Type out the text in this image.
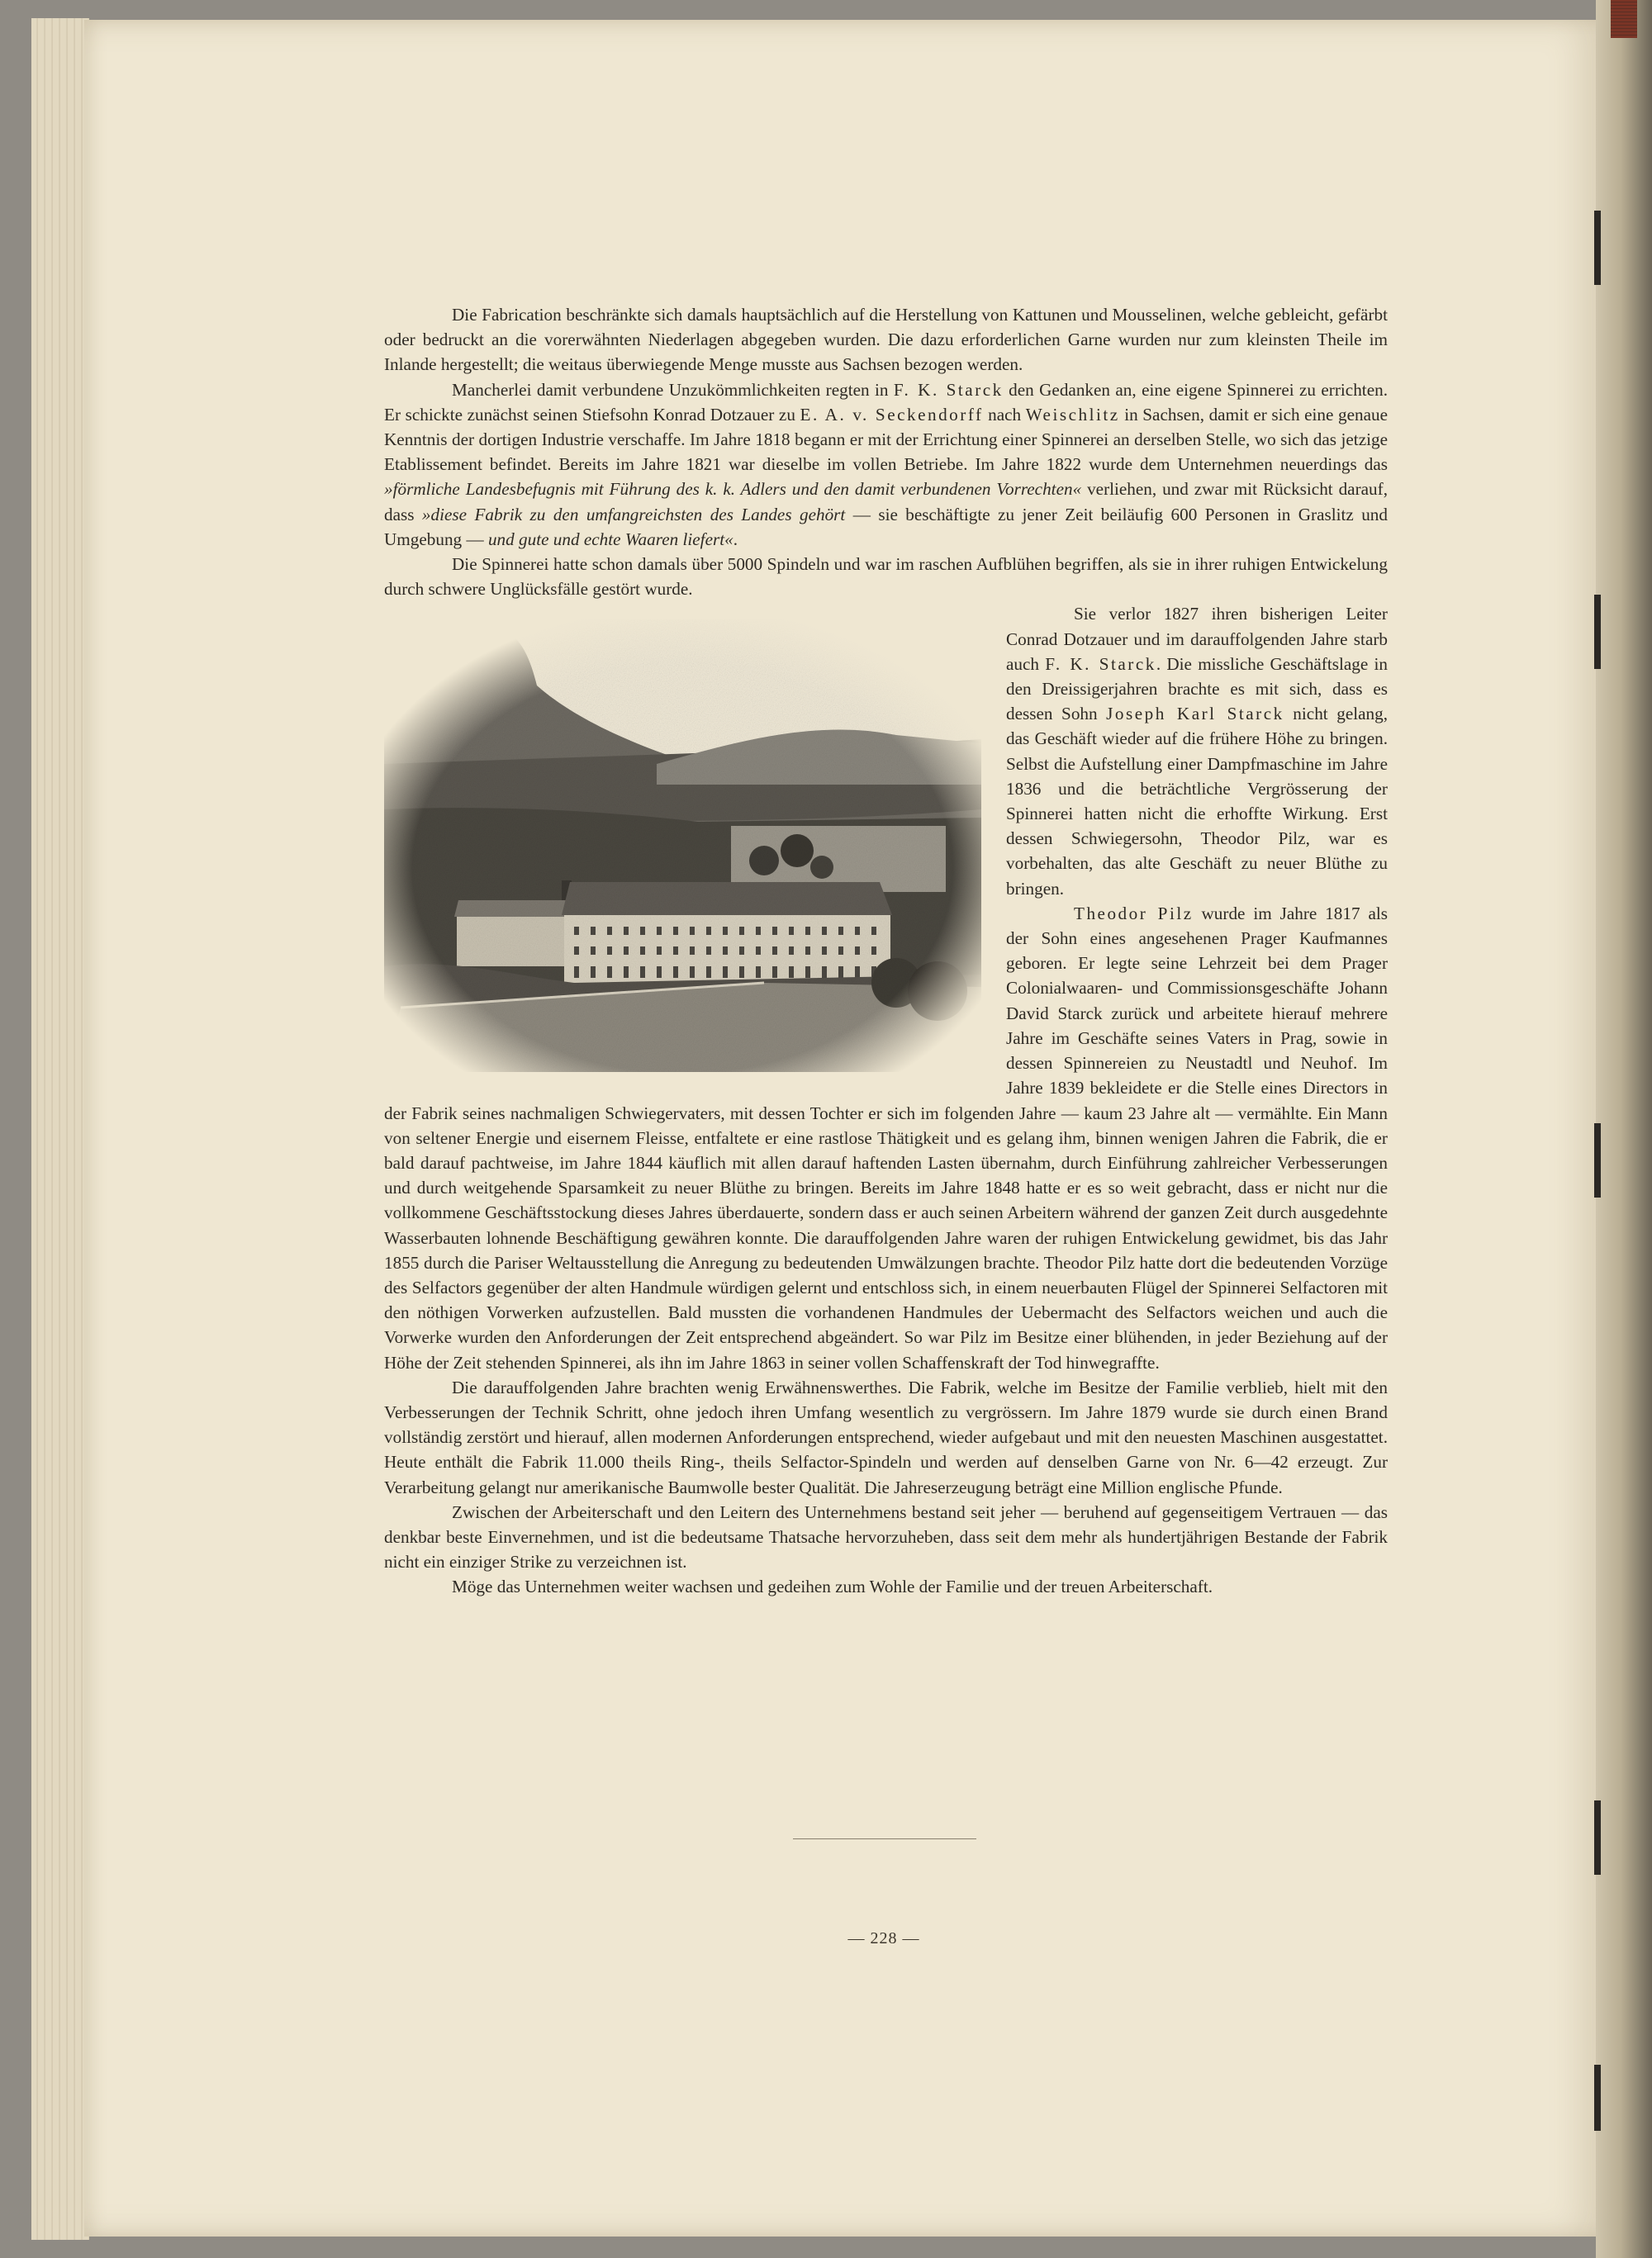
Die Fabrication beschränkte sich damals hauptsächlich auf die Herstellung von Kattunen und Mousselinen, welche gebleicht, gefärbt oder bedruckt an die vorerwähnten Niederlagen abgegeben wurden. Die dazu erforderlichen Garne wurden nur zum kleinsten Theile im Inlande hergestellt; die weitaus überwiegende Menge musste aus Sachsen bezogen werden.

Mancherlei damit verbundene Unzukömmlichkeiten regten in F. K. Starck den Gedanken an, eine eigene Spinnerei zu errichten. Er schickte zunächst seinen Stiefsohn Konrad Dotzauer zu E. A. v. Seckendorff nach Weischlitz in Sachsen, damit er sich eine genaue Kenntnis der dortigen Industrie verschaffe. Im Jahre 1818 begann er mit der Errichtung einer Spinnerei an derselben Stelle, wo sich das jetzige Etablissement befindet. Bereits im Jahre 1821 war dieselbe im vollen Betriebe. Im Jahre 1822 wurde dem Unternehmen neuerdings das »förmliche Landesbefugnis mit Führung des k. k. Adlers und den damit verbundenen Vorrechten« verliehen, und zwar mit Rücksicht darauf, dass »diese Fabrik zu den umfangreichsten des Landes gehört — sie beschäftigte zu jener Zeit beiläufig 600 Personen in Graslitz und Umgebung — und gute und echte Waaren liefert«.

Die Spinnerei hatte schon damals über 5000 Spindeln und war im raschen Aufblühen begriffen, als sie in ihrer ruhigen Entwickelung durch schwere Unglücksfälle gestört wurde.

Sie verlor 1827 ihren bisherigen Leiter Conrad Dotzauer und im darauffolgenden Jahre starb auch F. K. Starck. Die missliche Geschäftslage in den Dreissigerjahren brachte es mit sich, dass es dessen Sohn Joseph Karl Starck nicht gelang, das Geschäft wieder auf die frühere Höhe zu bringen. Selbst die Aufstellung einer Dampfmaschine im Jahre 1836 und die beträchtliche Vergrösserung der Spinnerei hatten nicht die erhoffte Wirkung. Erst dessen Schwiegersohn, Theodor Pilz, war es vorbehalten, das alte Geschäft zu neuer Blüthe zu bringen.

Theodor Pilz wurde im Jahre 1817 als der Sohn eines angesehenen Prager Kaufmannes geboren. Er legte seine Lehrzeit bei dem Prager Colonialwaaren- und Commissionsgeschäfte Johann David Starck zurück und arbeitete hierauf mehrere Jahre im Geschäfte seines Vaters in Prag, sowie in dessen Spinnereien zu Neustadtl und Neuhof. Im Jahre 1839 bekleidete er die Stelle eines Directors in der Fabrik seines nachmaligen Schwiegervaters, mit dessen Tochter er sich im folgenden Jahre — kaum 23 Jahre alt — vermählte. Ein Mann von seltener Energie und eisernem Fleisse, entfaltete er eine rastlose Thätigkeit und es gelang ihm, binnen wenigen Jahren die Fabrik, die er bald darauf pachtweise, im Jahre 1844 käuflich mit allen darauf haftenden Lasten übernahm, durch Einführung zahlreicher Verbesserungen und durch weitgehende Sparsamkeit zu neuer Blüthe zu bringen. Bereits im Jahre 1848 hatte er es so weit gebracht, dass er nicht nur die vollkommene Geschäftsstockung dieses Jahres überdauerte, sondern dass er auch seinen Arbeitern während der ganzen Zeit durch ausgedehnte Wasserbauten lohnende Beschäftigung gewähren konnte. Die darauffolgenden Jahre waren der ruhigen Entwickelung gewidmet, bis das Jahr 1855 durch die Pariser Weltausstellung die Anregung zu bedeutenden Umwälzungen brachte. Theodor Pilz hatte dort die bedeutenden Vorzüge des Selfactors gegenüber der alten Handmule würdigen gelernt und entschloss sich, in einem neuerbauten Flügel der Spinnerei Selfactoren mit den nöthigen Vorwerken aufzustellen. Bald mussten die vorhandenen Handmules der Uebermacht des Selfactors weichen und auch die Vorwerke wurden den Anforderungen der Zeit entsprechend abgeändert. So war Pilz im Besitze einer blühenden, in jeder Beziehung auf der Höhe der Zeit stehenden Spinnerei, als ihn im Jahre 1863 in seiner vollen Schaffenskraft der Tod hinwegraffte.

Die darauffolgenden Jahre brachten wenig Erwähnenswerthes. Die Fabrik, welche im Besitze der Familie verblieb, hielt mit den Verbesserungen der Technik Schritt, ohne jedoch ihren Umfang wesentlich zu vergrössern. Im Jahre 1879 wurde sie durch einen Brand vollständig zerstört und hierauf, allen modernen Anforderungen entsprechend, wieder aufgebaut und mit den neuesten Maschinen ausgestattet. Heute enthält die Fabrik 11.000 theils Ring-, theils Selfactor-Spindeln und werden auf denselben Garne von Nr. 6—42 erzeugt. Zur Verarbeitung gelangt nur amerikanische Baumwolle bester Qualität. Die Jahreserzeugung beträgt eine Million englische Pfunde.

Zwischen der Arbeiterschaft und den Leitern des Unternehmens bestand seit jeher — beruhend auf gegenseitigem Vertrauen — das denkbar beste Einvernehmen, und ist die bedeutsame Thatsache hervorzuheben, dass seit dem mehr als hundertjährigen Bestande der Fabrik nicht ein einziger Strike zu verzeichnen ist.

Möge das Unternehmen weiter wachsen und gedeihen zum Wohle der Familie und der treuen Arbeiterschaft.

— 228 —
